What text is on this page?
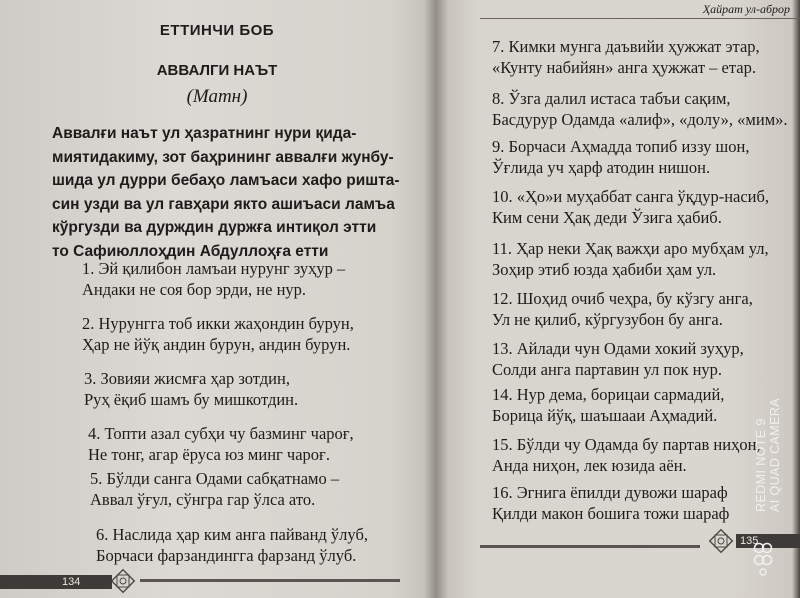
ЕТТИНЧИ БОБ
АВВАЛГИ НАЪТ
(Матн)
Аввалғи наът ул ҳазратнинг нури қида-
миятидакиму, зот баҳрининг аввалғи жунбу-
шида ул дурри бебаҳо ламъаси хафо ришта-
син узди ва ул гавҳари якто ашиъаси ламъа
кўргузди ва дурждин дуржға интиқол этти
то Сафиюллоҳдин Абдуллоҳға етти
1. Эй қилибон ламъаи нурунг зуҳур –
Андаки не соя бор эрди, не нур.
2. Нурунгга тоб икки жаҳондин бурун,
Ҳар не йўқ андин бурун, андин бурун.
3. Зовияи жисмға ҳар зотдин,
Руҳ ёқиб шамъ бу мишкотдин.
4. Топти азал субҳи чу базминг чароғ,
Не тонг, агар ёруса юз минг чароғ.
5. Бўлди санга Одами сабқатнамо –
Аввал ўғул, сўнгра гар ўлса ато.
6. Наслида ҳар ким анга пайванд ўлуб,
Борчаси фарзандингга фарзанд ўлуб.
134
Ҳайрат ул-аброр
7. Кимки мунга даъвийи ҳужжат этар,
«Кунту набийян» анга ҳужжат – етар.
8. Ўзга далил истаса табъи сақим,
Басдурур Одамда «алиф», «долу», «мим».
9. Борчаси Аҳмадда топиб иззу шон,
Ўғлида уч ҳарф атодин нишон.
10. «Ҳо»и муҳаббат санга ўқдур-насиб,
Ким сени Ҳақ деди Ўзига ҳабиб.
11. Ҳар неки Ҳақ важҳи аро мубҳам ул,
Зоҳир этиб юзда ҳабиби ҳам ул.
12. Шоҳид очиб чеҳра, бу кўзгу анга,
Ул не қилиб, кўргузубон бу анга.
13. Айлади чун Одами хокий зуҳур,
Солди анга партавин ул пок нур.
14. Нур дема, борицаи сармадий,
Борица йўқ, шаъшааи Аҳмадий.
15. Бўлди чу Одамда бу партав ниҳон,
Анда ниҳон, лек юзида аён.
16. Эгнига ёпилди дувожи шараф
Қилди макон бошига тожи шараф
135
REDMI NOTE 9 AI QUAD CAMERA
